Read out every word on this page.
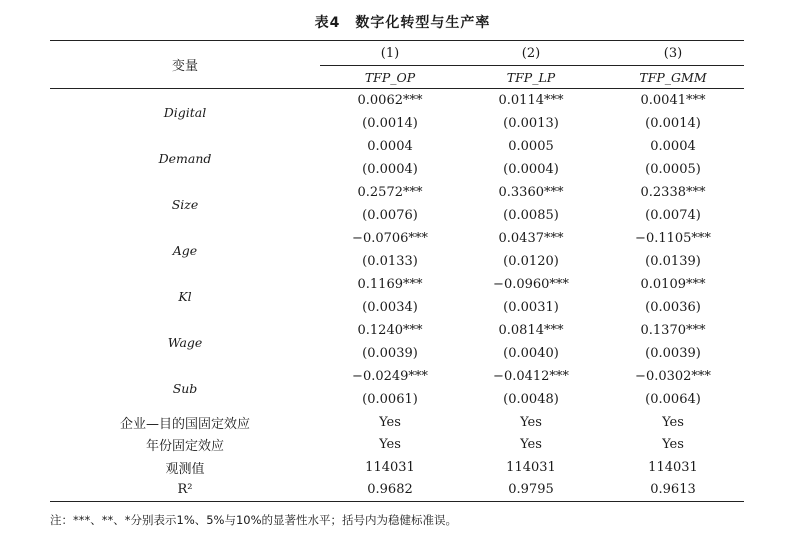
表4　数字化转型与生产率
变量	(1)	(2)	(3)
	TFP_OP	TFP_LP	TFP_GMM
Digital	0.0062***	0.0114***	0.0041***
	(0.0014)	(0.0013)	(0.0014)
Demand	0.0004	0.0005	0.0004
	(0.0004)	(0.0004)	(0.0005)
Size	0.2572***	0.3360***	0.2338***
	(0.0076)	(0.0085)	(0.0074)
Age	−0.0706***	0.0437***	−0.1105***
	(0.0133)	(0.0120)	(0.0139)
Kl	0.1169***	−0.0960***	0.0109***
	(0.0034)	(0.0031)	(0.0036)
Wage	0.1240***	0.0814***	0.1370***
	(0.0039)	(0.0040)	(0.0039)
Sub	−0.0249***	−0.0412***	−0.0302***
	(0.0061)	(0.0048)	(0.0064)
企业—目的国固定效应	Yes	Yes	Yes
年份固定效应	Yes	Yes	Yes
观测值	114031	114031	114031
R²	0.9682	0.9795	0.9613
注：***、**、*分别表示1%、5%与10%的显著性水平；括号内为稳健标准误。
